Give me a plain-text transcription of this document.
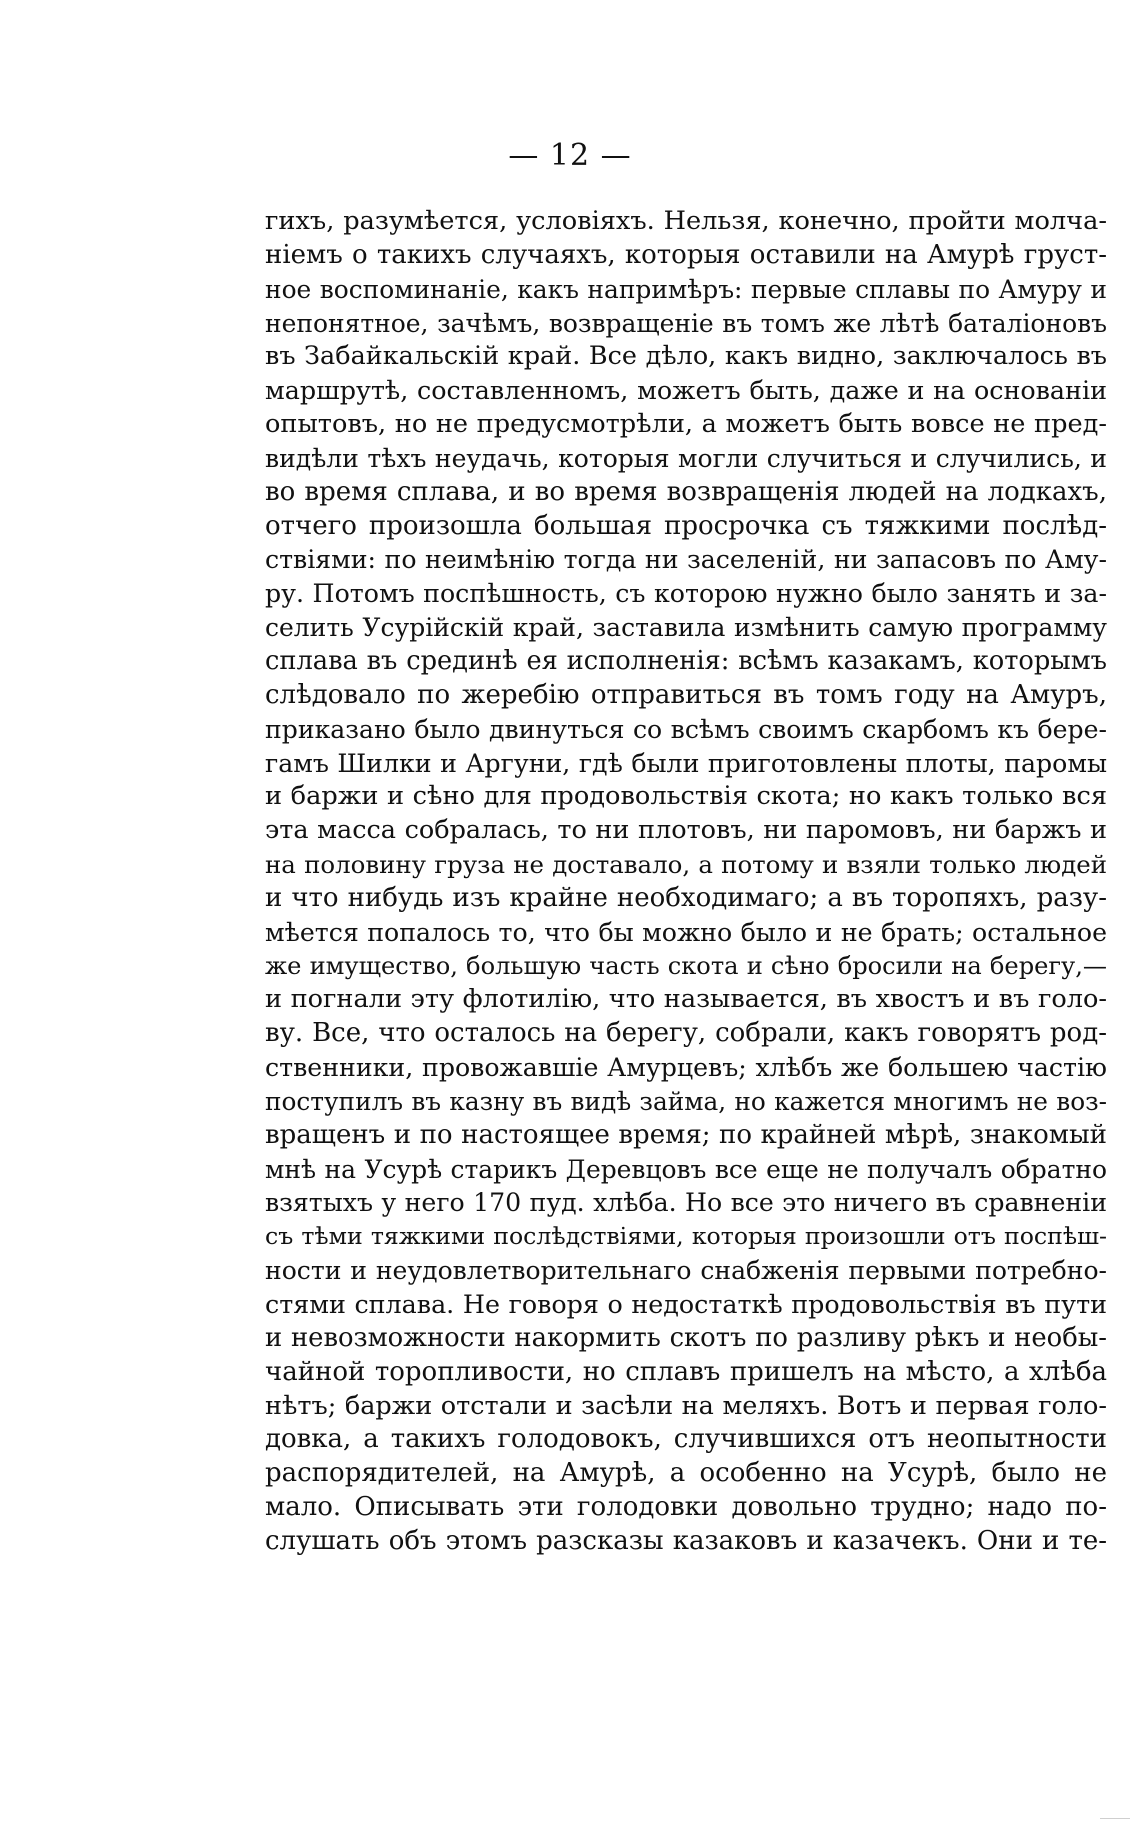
— 12 —
гихъ, разумѣется, условіяхъ. Нельзя, конечно, пройти молча-
ніемъ о такихъ случаяхъ, которыя оставили на Амурѣ груст-
ное воспоминаніе, какъ напримѣръ: первые сплавы по Амуру и
непонятное, зачѣмъ, возвращеніе въ томъ же лѣтѣ баталіоновъ
въ Забайкальскій край. Все дѣло, какъ видно, заключалось въ
маршрутѣ, составленномъ, можетъ быть, даже и на основаніи
опытовъ, но не предусмотрѣли, а можетъ быть вовсе не пред-
видѣли тѣхъ неудачь, которыя могли случиться и случились, и
во время сплава, и во время возвращенія людей на лодкахъ,
отчего произошла большая просрочка съ тяжкими послѣд-
ствіями: по неимѣнію тогда ни заселеній, ни запасовъ по Аму-
ру. Потомъ поспѣшность, съ которою нужно было занять и за-
селить Усурійскій край, заставила измѣнить самую программу
сплава въ срединѣ ея исполненія: всѣмъ казакамъ, которымъ
слѣдовало по жеребію отправиться въ томъ году на Амуръ,
приказано было двинуться со всѣмъ своимъ скарбомъ къ бере-
гамъ Шилки и Аргуни, гдѣ были приготовлены плоты, паромы
и баржи и сѣно для продовольствія скота; но какъ только вся
эта масса собралась, то ни плотовъ, ни паромовъ, ни баржъ и
на половину груза не доставало, а потому и взяли только людей
и что нибудь изъ крайне необходимаго; а въ торопяхъ, разу-
мѣется попалось то, что бы можно было и не брать; остальное
же имущество, большую часть скота и сѣно бросили на берегу,—
и погнали эту флотилію, что называется, въ хвостъ и въ голо-
ву. Все, что осталось на берегу, собрали, какъ говорятъ род-
ственники, провожавшіе Амурцевъ; хлѣбъ же большею частію
поступилъ въ казну въ видѣ займа, но кажется многимъ не воз-
вращенъ и по настоящее время; по крайней мѣрѣ, знакомый
мнѣ на Усурѣ старикъ Деревцовъ все еще не получалъ обратно
взятыхъ у него 170 пуд. хлѣба. Но все это ничего въ сравненіи
съ тѣми тяжкими послѣдствіями, которыя произошли отъ поспѣш-
ности и неудовлетворительнаго снабженія первыми потребно-
стями сплава. Не говоря о недостаткѣ продовольствія въ пути
и невозможности накормить скотъ по разливу рѣкъ и необы-
чайной торопливости, но сплавъ пришелъ на мѣсто, а хлѣба
нѣтъ; баржи отстали и засѣли на меляхъ. Вотъ и первая голо-
довка, а такихъ голодовокъ, случившихся отъ неопытности
распорядителей, на Амурѣ, а особенно на Усурѣ, было не
мало. Описывать эти голодовки довольно трудно; надо по-
слушать объ этомъ разсказы казаковъ и казачекъ. Они и те-
